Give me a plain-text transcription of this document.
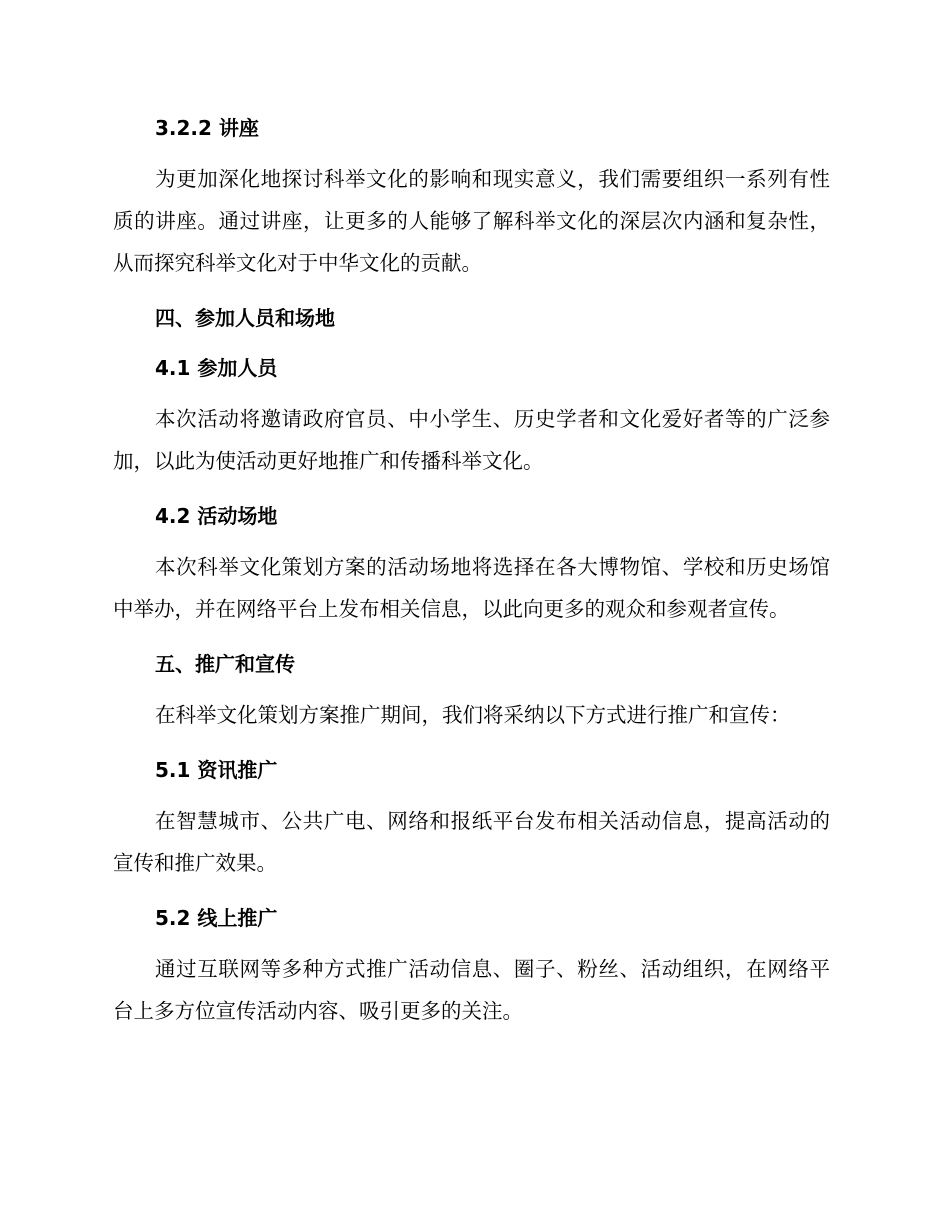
3.2.2 讲座

为更加深化地探讨科举文化的影响和现实意义，我们需要组织一系列有性质的讲座。通过讲座，让更多的人能够了解科举文化的深层次内涵和复杂性，从而探究科举文化对于中华文化的贡献。

四、参加人员和场地
4.1 参加人员

本次活动将邀请政府官员、中小学生、历史学者和文化爱好者等的广泛参加，以此为使活动更好地推广和传播科举文化。

4.2 活动场地

本次科举文化策划方案的活动场地将选择在各大博物馆、学校和历史场馆中举办，并在网络平台上发布相关信息，以此向更多的观众和参观者宣传。

五、推广和宣传

在科举文化策划方案推广期间，我们将采纳以下方式进行推广和宣传：

5.1 资讯推广

在智慧城市、公共广电、网络和报纸平台发布相关活动信息，提高活动的宣传和推广效果。

5.2 线上推广

通过互联网等多种方式推广活动信息、圈子、粉丝、活动组织，在网络平台上多方位宣传活动内容、吸引更多的关注。
